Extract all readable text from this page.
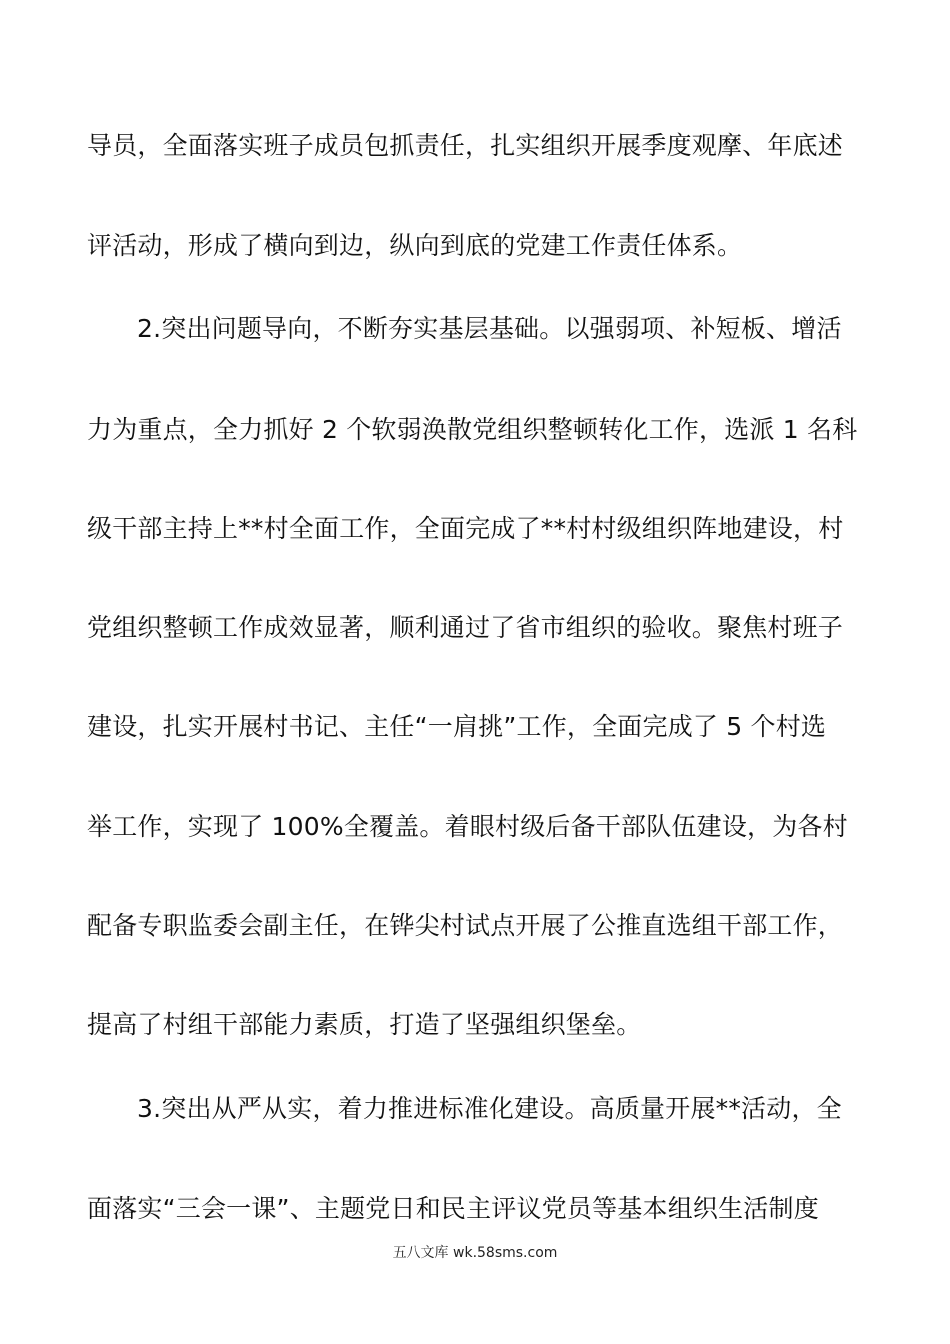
导员，全面落实班子成员包抓责任，扎实组织开展季度观摩、年底述
评活动，形成了横向到边，纵向到底的党建工作责任体系。
2.突出问题导向，不断夯实基层基础。以强弱项、补短板、增活
力为重点，全力抓好 2 个软弱涣散党组织整顿转化工作，选派 1 名科
级干部主持上**村全面工作，全面完成了**村村级组织阵地建设，村
党组织整顿工作成效显著，顺利通过了省市组织的验收。聚焦村班子
建设，扎实开展村书记、主任“一肩挑”工作，全面完成了 5 个村选
举工作，实现了 100%全覆盖。着眼村级后备干部队伍建设，为各村
配备专职监委会副主任，在铧尖村试点开展了公推直选组干部工作，
提高了村组干部能力素质，打造了坚强组织堡垒。
3.突出从严从实，着力推进标准化建设。高质量开展**活动，全
面落实“三会一课”、主题党日和民主评议党员等基本组织生活制度
五八文库 wk.58sms.com
